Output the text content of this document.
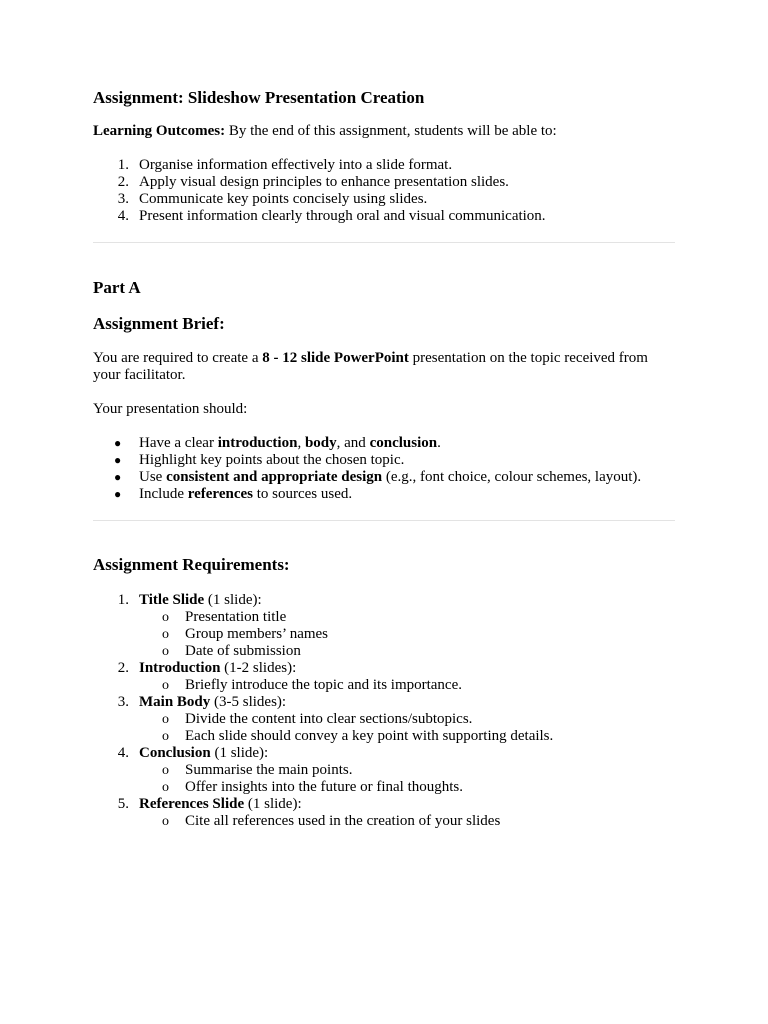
Assignment: Slideshow Presentation Creation

Learning Outcomes: By the end of this assignment, students will be able to:

1. Organise information effectively into a slide format.
2. Apply visual design principles to enhance presentation slides.
3. Communicate key points concisely using slides.
4. Present information clearly through oral and visual communication.
Part A
Assignment Brief:

You are required to create a 8 - 12 slide PowerPoint presentation on the topic received from your facilitator.

Your presentation should:

● Have a clear introduction, body, and conclusion.
● Highlight key points about the chosen topic.
● Use consistent and appropriate design (e.g., font choice, colour schemes, layout).
● Include references to sources used.
Assignment Requirements:
1. Title Slide (1 slide):
o Presentation title
o Group members’ names
o Date of submission
2. Introduction (1-2 slides):
o Briefly introduce the topic and its importance.
3. Main Body (3-5 slides):
o Divide the content into clear sections/subtopics.
o Each slide should convey a key point with supporting details.
4. Conclusion (1 slide):
o Summarise the main points.
o Offer insights into the future or final thoughts.
5. References Slide (1 slide):
o Cite all references used in the creation of your slides
